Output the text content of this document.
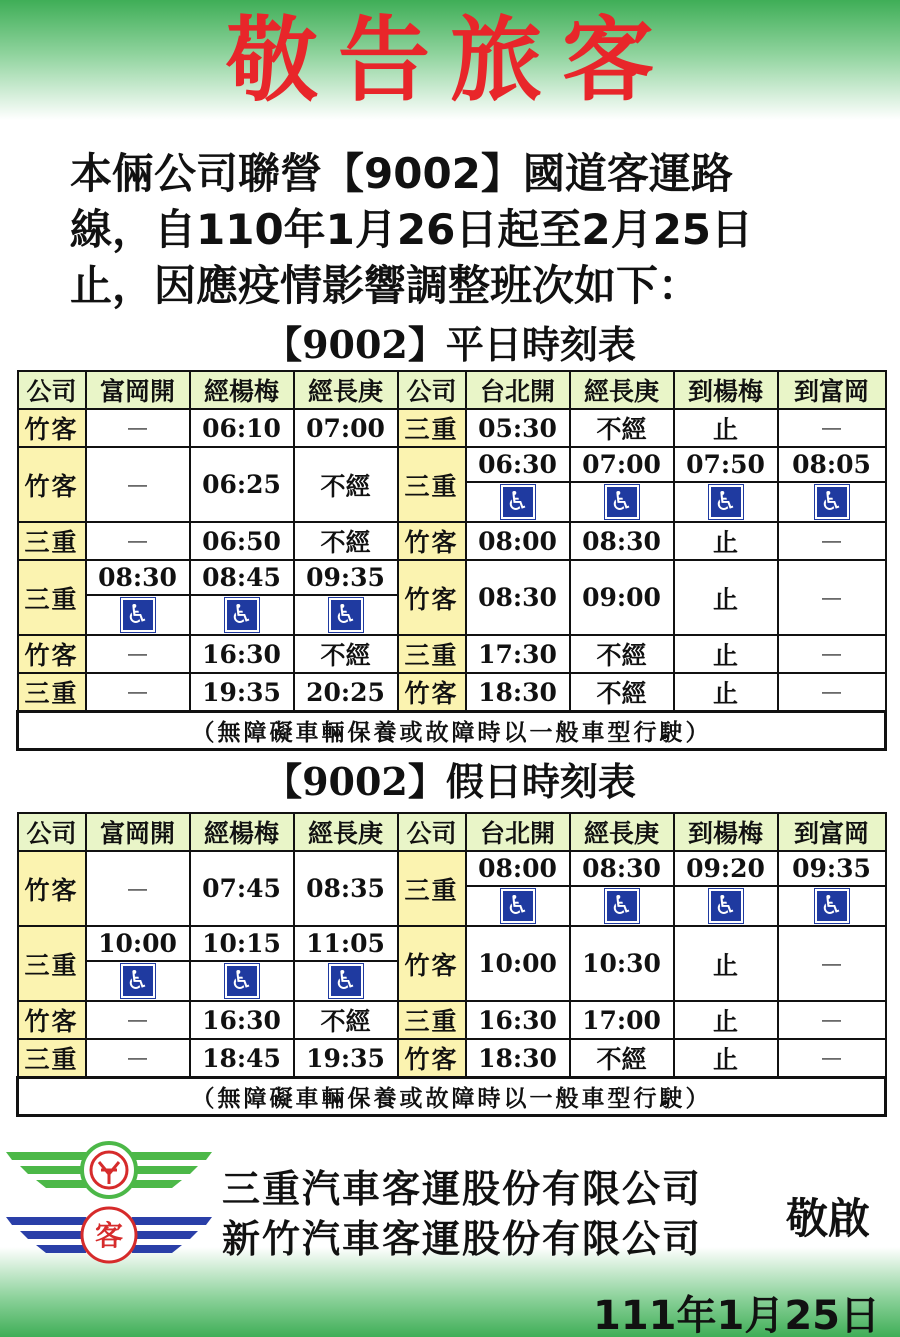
敬告旅客
本倆公司聯營【9002】國道客運路
線，自110年1月26日起至2月25日
止，因應疫情影響調整班次如下：
【9002】平日時刻表
公司	富岡開	經楊梅	經長庚	公司	台北開	經長庚	到楊梅	到富岡
竹客	－	06:10	07:00	三重	05:30	不經	止	－
竹客	－	06:25	不經	三重	06:30	07:00	07:50	08:05
					♿	♿	♿	♿
三重	－	06:50	不經	竹客	08:00	08:30	止	－
三重	08:30	08:45	09:35	竹客	08:30	09:00	止	－
	♿	♿	♿					
竹客	－	16:30	不經	三重	17:30	不經	止	－
三重	－	19:35	20:25	竹客	18:30	不經	止	－
（無障礙車輛保養或故障時以一般車型行駛）								
【9002】假日時刻表
公司	富岡開	經楊梅	經長庚	公司	台北開	經長庚	到楊梅	到富岡
竹客	－	07:45	08:35	三重	08:00	08:30	09:20	09:35
					♿	♿	♿	♿
三重	10:00	10:15	11:05	竹客	10:00	10:30	止	－
	♿	♿	♿					
竹客	－	16:30	不經	三重	16:30	17:00	止	－
三重	－	18:45	19:35	竹客	18:30	不經	止	－
（無障礙車輛保養或故障時以一般車型行駛）								
客
三重汽車客運股份有限公司
新竹汽車客運股份有限公司 敬啟
111年1月25日
